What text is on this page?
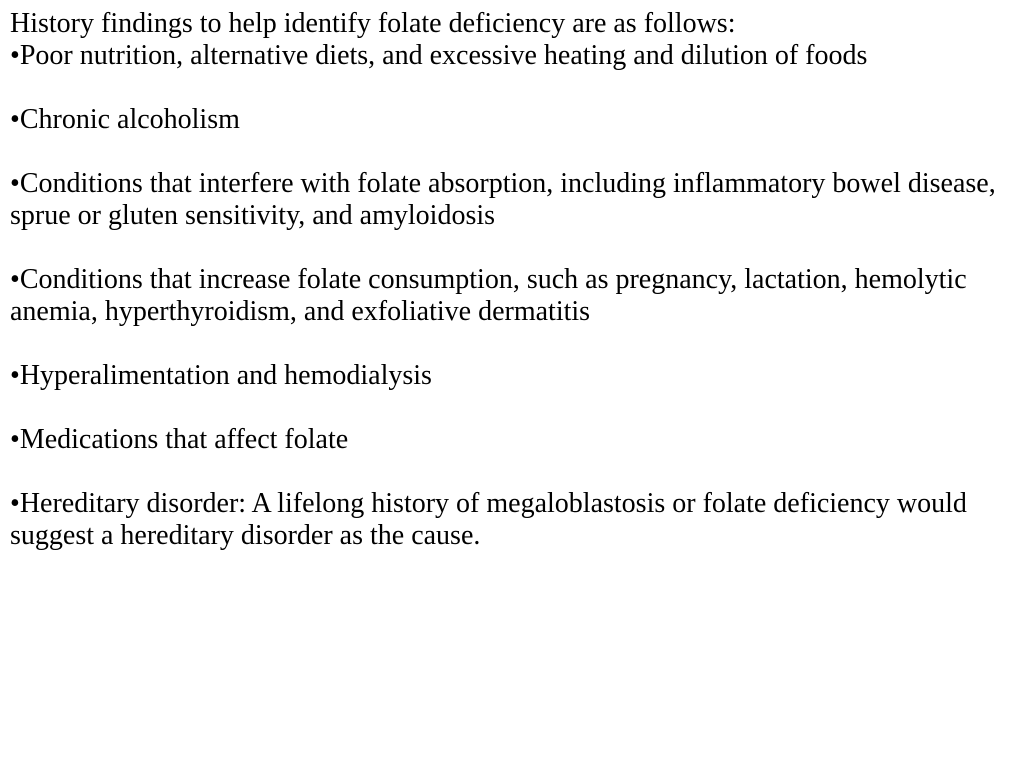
History findings to help identify folate deficiency are as follows:

•Poor nutrition, alternative diets, and excessive heating and dilution of foods
•Chronic alcoholism
•Conditions that interfere with folate absorption, including inflammatory bowel disease, sprue or gluten sensitivity, and amyloidosis
•Conditions that increase folate consumption, such as pregnancy, lactation, hemolytic anemia, hyperthyroidism, and exfoliative dermatitis
•Hyperalimentation and hemodialysis
•Medications that affect folate
•Hereditary disorder: A lifelong history of megaloblastosis or folate deficiency would suggest a hereditary disorder as the cause.
